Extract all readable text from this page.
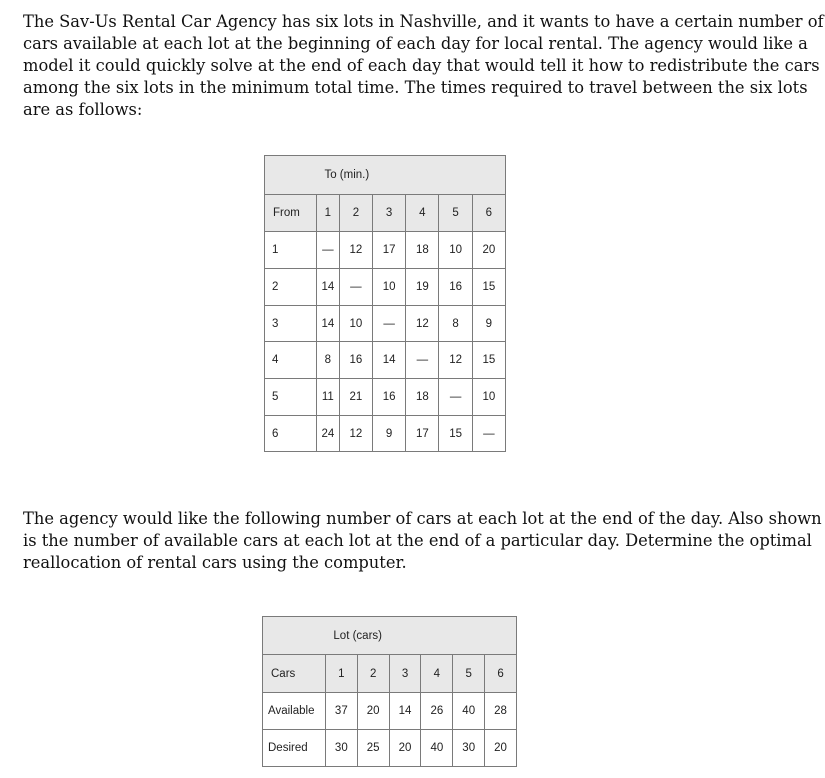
The Sav-Us Rental Car Agency has six lots in Nashville, and it wants to have a certain number of
cars available at each lot at the beginning of each day for local rental. The agency would like a
model it could quickly solve at the end of each day that would tell it how to redistribute the cars
among the six lots in the minimum total time. The times required to travel between the six lots
are as follows:

	To (min.)					
From	1	2	3	4	5	6
1	—	12	17	18	10	20
2	14	—	10	19	16	15
3	14	10	—	12	8	9
4	8	16	14	—	12	15
5	11	21	16	18	—	10
6	24	12	9	17	15	—

The agency would like the following number of cars at each lot at the end of the day. Also shown
is the number of available cars at each lot at the end of a particular day. Determine the optimal
reallocation of rental cars using the computer.

	Lot (cars)					
Cars	1	2	3	4	5	6
Available	37	20	14	26	40	28
Desired	30	25	20	40	30	20
